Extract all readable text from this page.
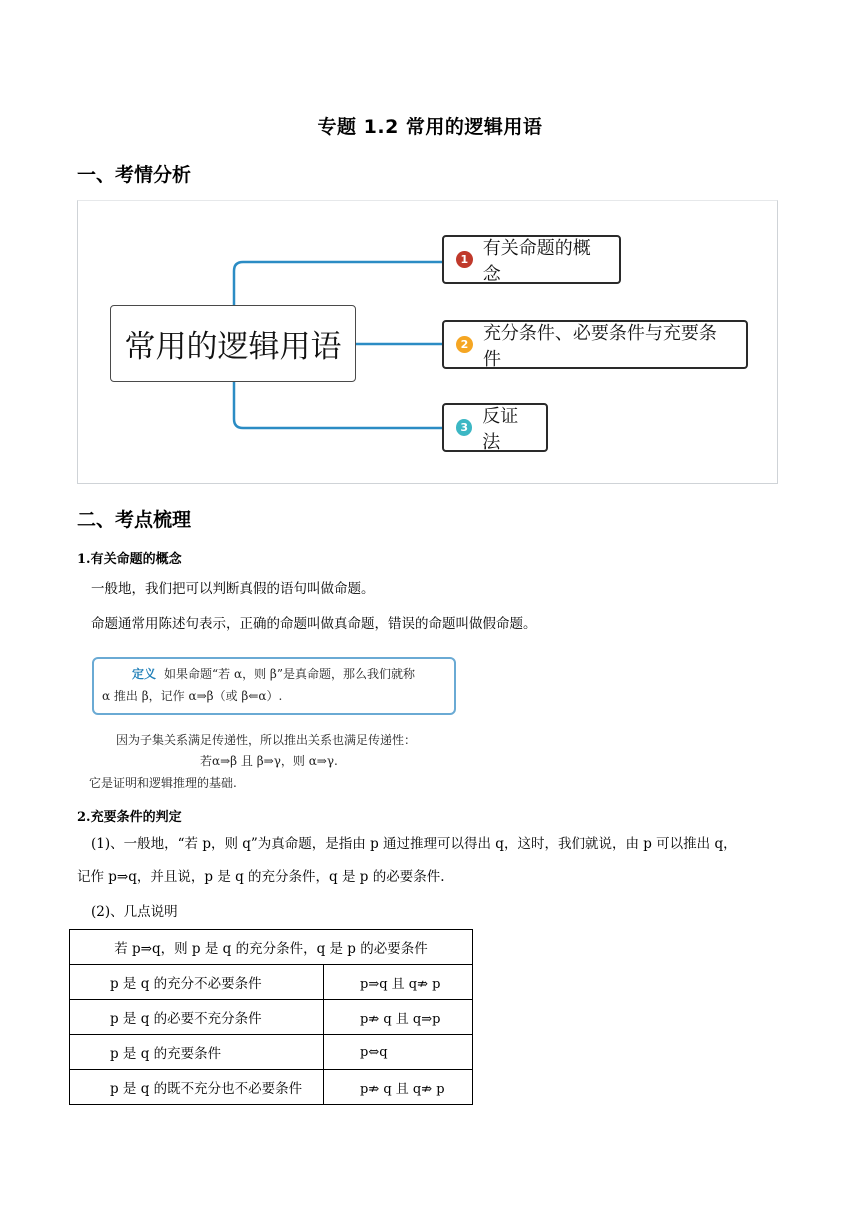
专题 1.2 常用的逻辑用语
一、考情分析
常用的逻辑用语
1
有关命题的概念
2
充分条件、必要条件与充要条件
3
反证法
二、考点梳理
1.有关命题的概念
一般地，我们把可以判断真假的语句叫做命题。
命题通常用陈述句表示，正确的命题叫做真命题，错误的命题叫做假命题。
定义 如果命题“若 α，则 β”是真命题，那么我们就称
α 推出 β，记作 α⇒β（或 β⇐α）.
因为子集关系满足传递性，所以推出关系也满足传递性：
若α⇒β 且 β⇒γ，则 α⇒γ.
它是证明和逻辑推理的基础.
2.充要条件的判定
(1)、一般地，“若 p，则 q”为真命题，是指由 p 通过推理可以得出 q，这时，我们就说，由 p 可以推出 q，
记作 p⇒q，并且说，p 是 q 的充分条件，q 是 p 的必要条件.
(2)、几点说明
若 p⇒q，则 p 是 q 的充分条件，q 是 p 的必要条件	
p 是 q 的充分不必要条件	p⇒q 且 q⇏ p
p 是 q 的必要不充分条件	p⇏ q 且 q⇒p
p 是 q 的充要条件	p⇔q
p 是 q 的既不充分也不必要条件	p⇏ q 且 q⇏ p
